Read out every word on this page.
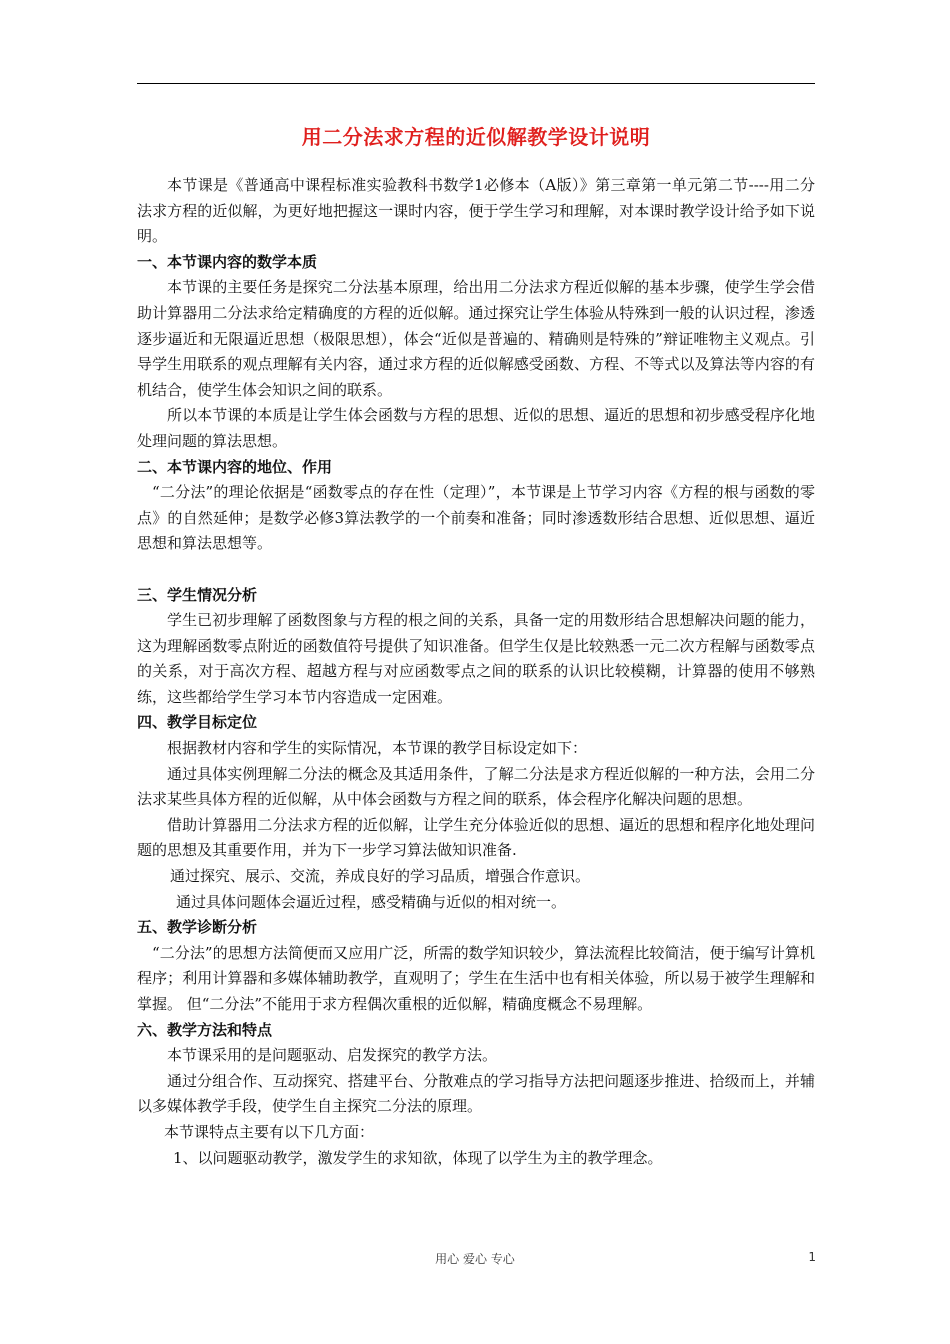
用二分法求方程的近似解教学设计说明

本节课是《普通高中课程标准实验教科书数学1必修本（A版）》第三章第一单元第二节----用二分法求方程的近似解，为更好地把握这一课时内容，便于学生学习和理解，对本课时教学设计给予如下说明。

一、本节课内容的数学本质

本节课的主要任务是探究二分法基本原理，给出用二分法求方程近似解的基本步骤，使学生学会借助计算器用二分法求给定精确度的方程的近似解。通过探究让学生体验从特殊到一般的认识过程，渗透逐步逼近和无限逼近思想（极限思想），体会“近似是普遍的、精确则是特殊的”辩证唯物主义观点。引导学生用联系的观点理解有关内容，通过求方程的近似解感受函数、方程、不等式以及算法等内容的有机结合，使学生体会知识之间的联系。

所以本节课的本质是让学生体会函数与方程的思想、近似的思想、逼近的思想和初步感受程序化地处理问题的算法思想。

二、本节课内容的地位、作用

“二分法”的理论依据是“函数零点的存在性（定理）”，本节课是上节学习内容《方程的根与函数的零点》的自然延伸；是数学必修3算法教学的一个前奏和准备；同时渗透数形结合思想、近似思想、逼近思想和算法思想等。

三、学生情况分析

学生已初步理解了函数图象与方程的根之间的关系，具备一定的用数形结合思想解决问题的能力，这为理解函数零点附近的函数值符号提供了知识准备。但学生仅是比较熟悉一元二次方程解与函数零点的关系，对于高次方程、超越方程与对应函数零点之间的联系的认识比较模糊，计算器的使用不够熟练，这些都给学生学习本节内容造成一定困难。

四、教学目标定位

根据教材内容和学生的实际情况，本节课的教学目标设定如下：

通过具体实例理解二分法的概念及其适用条件，了解二分法是求方程近似解的一种方法，会用二分法求某些具体方程的近似解，从中体会函数与方程之间的联系，体会程序化解决问题的思想。

借助计算器用二分法求方程的近似解，让学生充分体验近似的思想、逼近的思想和程序化地处理问题的思想及其重要作用，并为下一步学习算法做知识准备.

通过探究、展示、交流，养成良好的学习品质，增强合作意识。

通过具体问题体会逼近过程，感受精确与近似的相对统一。

五、教学诊断分析

“二分法”的思想方法简便而又应用广泛，所需的数学知识较少，算法流程比较简洁，便于编写计算机程序；利用计算器和多媒体辅助教学，直观明了；学生在生活中也有相关体验，所以易于被学生理解和掌握。 但“二分法”不能用于求方程偶次重根的近似解，精确度概念不易理解。

六、教学方法和特点

本节课采用的是问题驱动、启发探究的教学方法。

通过分组合作、互动探究、搭建平台、分散难点的学习指导方法把问题逐步推进、拾级而上，并辅以多媒体教学手段，使学生自主探究二分法的原理。

本节课特点主要有以下几方面：

1、以问题驱动教学，激发学生的求知欲，体现了以学生为主的教学理念。

用心 爱心 专心	1
